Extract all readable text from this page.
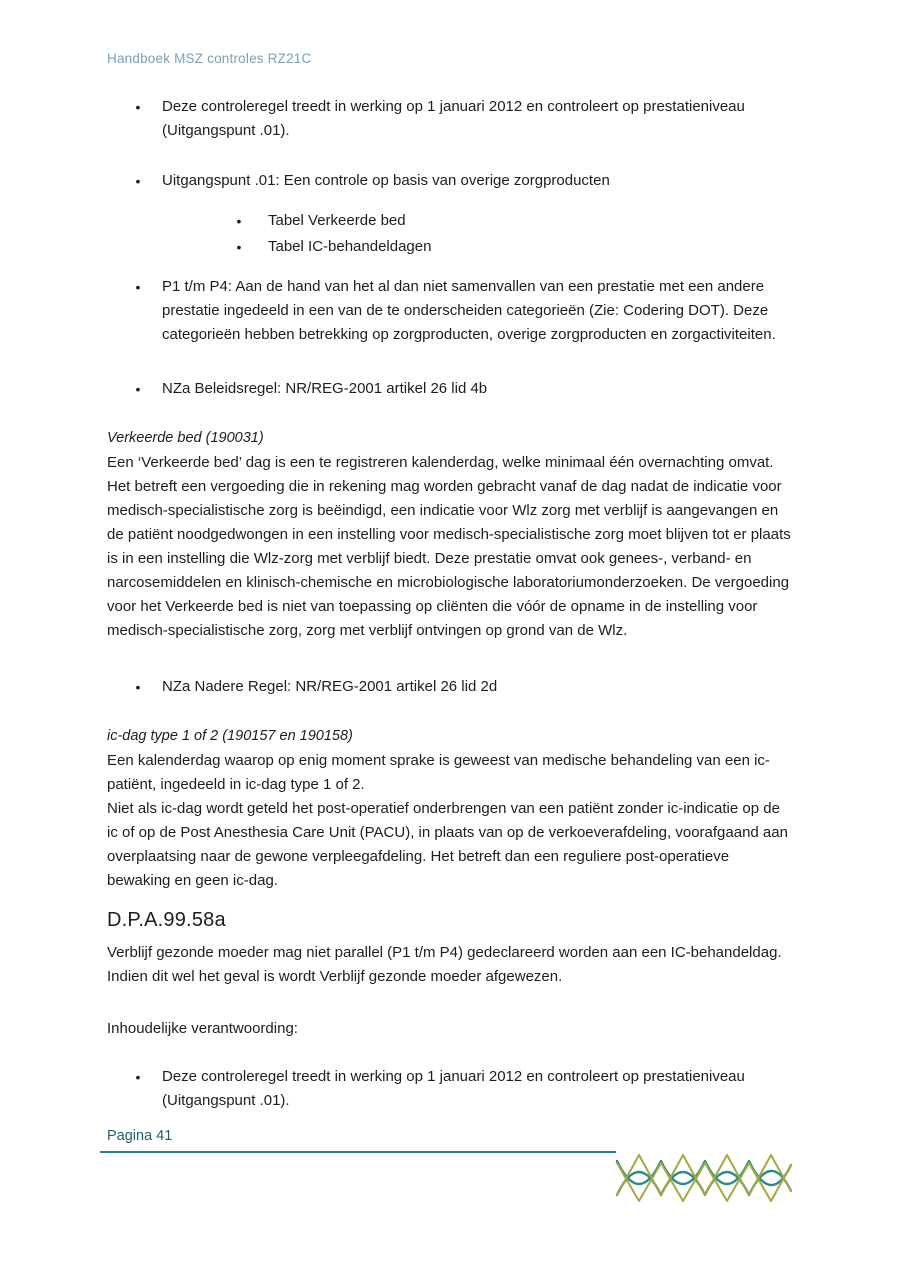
Handboek MSZ controles RZ21C
•	Deze controleregel treedt in werking op 1 januari 2012 en controleert op prestatieniveau (Uitgangspunt .01).
•	Uitgangspunt .01: Een controle op basis van overige zorgproducten
•	Tabel Verkeerde bed
•	Tabel IC-behandeldagen
•	P1 t/m P4: Aan de hand van het al dan niet samenvallen van een prestatie met een andere prestatie ingedeeld in een van de te onderscheiden categorieën (Zie: Codering DOT). Deze categorieën hebben betrekking op zorgproducten, overige zorgproducten en zorgactiviteiten.
•	NZa Beleidsregel: NR/REG-2001 artikel 26 lid 4b
Verkeerde bed (190031)
Een ‘Verkeerde bed’ dag is een te registreren kalenderdag, welke minimaal één overnachting omvat. Het betreft een vergoeding die in rekening mag worden gebracht vanaf de dag nadat de indicatie voor medisch-specialistische zorg is beëindigd, een indicatie voor Wlz zorg met verblijf is aangevangen en de patiënt noodgedwongen in een instelling voor medisch-specialistische zorg moet blijven tot er plaats is in een instelling die Wlz-zorg met verblijf biedt. Deze prestatie omvat ook genees-, verband- en narcosemiddelen en klinisch-chemische en microbiologische laboratoriumonderzoeken. De vergoeding voor het Verkeerde bed is niet van toepassing op cliënten die vóór de opname in de instelling voor medisch-specialistische zorg, zorg met verblijf ontvingen op grond van de Wlz.
•	NZa Nadere Regel: NR/REG-2001 artikel 26 lid 2d
ic-dag type 1 of 2 (190157 en 190158)
Een kalenderdag waarop op enig moment sprake is geweest van medische behandeling van een ic-patiënt, ingedeeld in ic-dag type 1 of 2.
Niet als ic-dag wordt geteld het post-operatief onderbrengen van een patiënt zonder ic-indicatie op de ic of op de Post Anesthesia Care Unit (PACU), in plaats van op de verkoeverafdeling, voorafgaand aan overplaatsing naar de gewone verpleegafdeling. Het betreft dan een reguliere post-operatieve bewaking en geen ic-dag.
D.P.A.99.58a
Verblijf gezonde moeder mag niet parallel (P1 t/m P4) gedeclareerd worden aan een IC-behandeldag. Indien dit wel het geval is wordt Verblijf gezonde moeder afgewezen.
Inhoudelijke verantwoording:
•	Deze controleregel treedt in werking op 1 januari 2012 en controleert op prestatieniveau (Uitgangspunt .01).
Pagina 41
